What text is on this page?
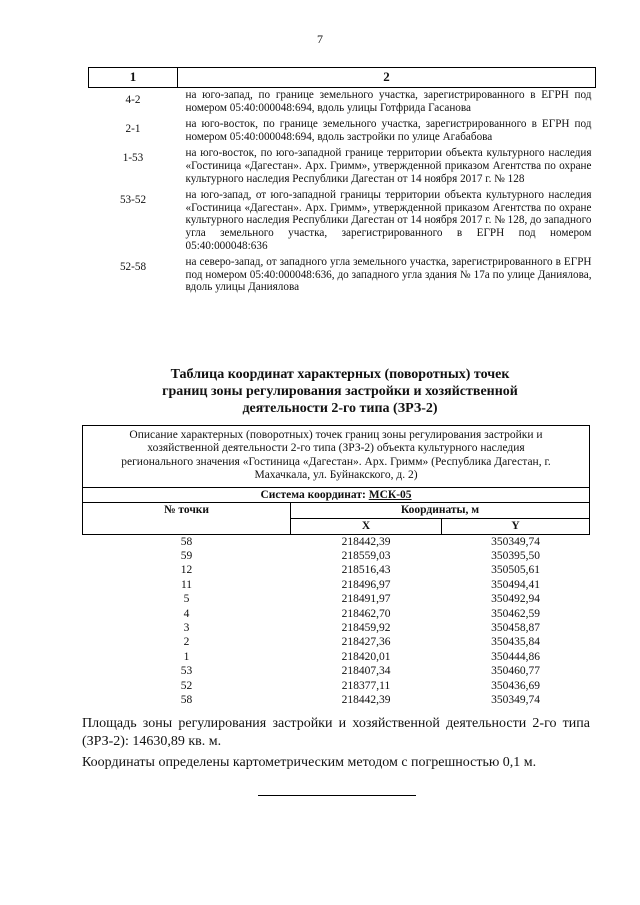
7
1	2
4-2	на юго-запад, по границе земельного участка, зарегистрированного в ЕГРН под номером 05:40:000048:694, вдоль улицы Готфрида Гасанова
2-1	на юго-восток, по границе земельного участка, зарегистрированного в ЕГРН под номером 05:40:000048:694, вдоль застройки по улице Агабабова
1-53	на юго-восток, по юго-западной границе территории объекта культурного наследия «Гостиница «Дагестан». Арх. Гримм», утвержденной приказом Агентства по охране культурного наследия Республики Дагестан от 14 ноября 2017 г. № 128
53-52	на юго-запад, от юго-западной границы территории объекта культурного наследия «Гостиница «Дагестан». Арх. Гримм», утвержденной приказом Агентства по охране культурного наследия Республики Дагестан от 14 ноября 2017 г. № 128, до западного угла земельного участка, зарегистрированного в ЕГРН под номером 05:40:000048:636
52-58	на северо-запад, от западного угла земельного участка, зарегистрированного в ЕГРН под номером 05:40:000048:636, до западного угла здания № 17а по улице Даниялова, вдоль улицы Даниялова
Таблица координат характерных (поворотных) точек
границ зоны регулирования застройки и хозяйственной
деятельности 2-го типа (ЗРЗ-2)
Описание характерных (поворотных) точек границ зоны регулирования застройки и хозяйственной деятельности 2-го типа (ЗРЗ-2) объекта культурного наследия регионального значения «Гостиница «Дагестан». Арх. Гримм» (Республика Дагестан, г. Махачкала, ул. Буйнакского, д. 2)
Система координат: МСК-05		
№ точки	Координаты, м	
	X	Y
58	218442,39	350349,74
59	218559,03	350395,50
12	218516,43	350505,61
11	218496,97	350494,41
5	218491,97	350492,94
4	218462,70	350462,59
3	218459,92	350458,87
2	218427,36	350435,84
1	218420,01	350444,86
53	218407,34	350460,77
52	218377,11	350436,69
58	218442,39	350349,74

Площадь зоны регулирования застройки и хозяйственной деятельности 2-го типа (ЗРЗ-2): 14630,89 кв. м.

Координаты определены картометрическим методом с погрешностью 0,1 м.
